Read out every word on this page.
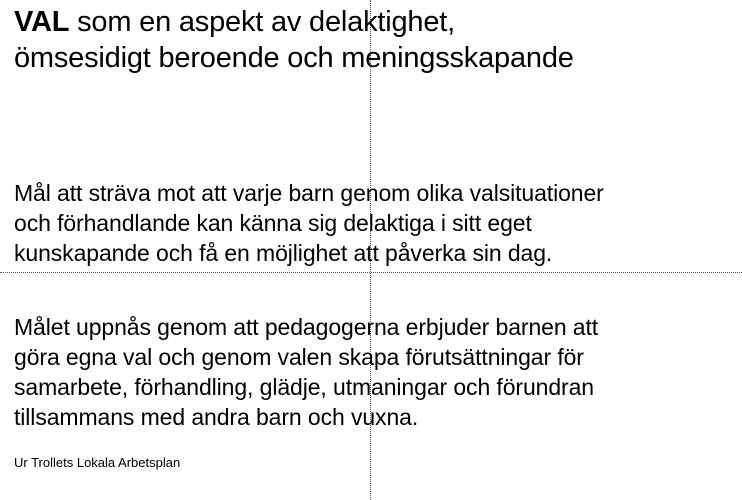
VAL som en aspekt av delaktighet,
ömsesidigt beroende och meningsskapande

Mål att sträva mot att varje barn genom olika valsituationer
och förhandlande kan känna sig delaktiga i sitt eget
kunskapande och få en möjlighet att påverka sin dag.

Målet uppnås genom att pedagogerna erbjuder barnen att
göra egna val och genom valen skapa förutsättningar för
samarbete, förhandling, glädje, utmaningar och förundran
tillsammans med andra barn och vuxna.

Ur Trollets Lokala Arbetsplan
